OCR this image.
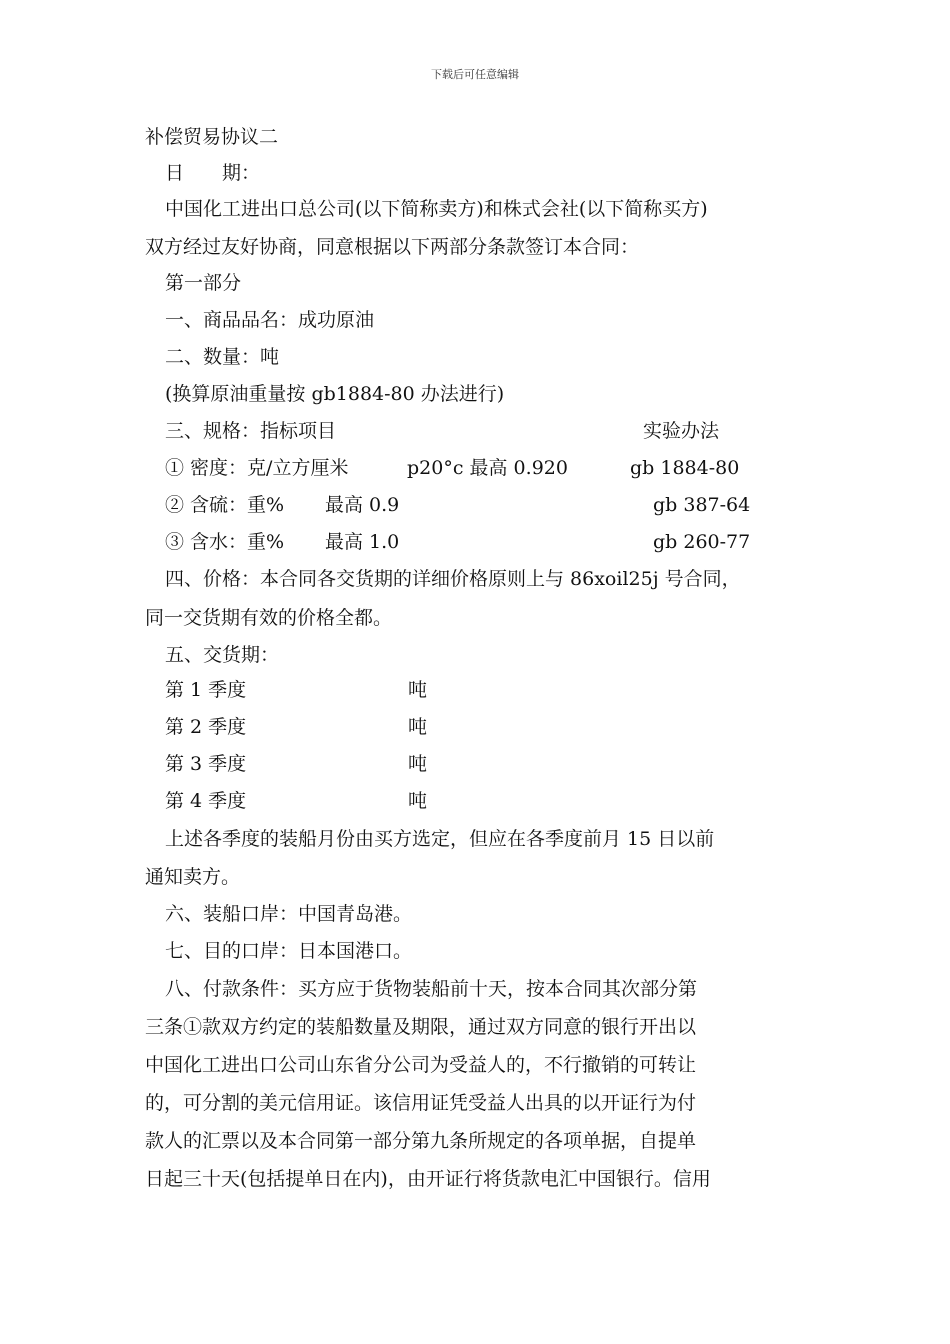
下载后可任意编辑
补偿贸易协议二
日　　期：
中国化工进出口总公司(以下简称卖方)和株式会社(以下简称买方)
双方经过友好协商，同意根据以下两部分条款签订本合同：
第一部分
一、商品品名：成功原油
二、数量：吨
(换算原油重量按 gb1884-80 办法进行)
三、规格：指标项目	实验办法
① 密度：克/立方厘米	p20°c 最高 0.920	gb 1884-80
② 含硫：重% 最高 0.9	gb 387-64
③ 含水：重% 最高 1.0	gb 260-77
四、价格：本合同各交货期的详细价格原则上与 86xoil25j 号合同，
同一交货期有效的价格全都。
五、交货期：
第 1 季度	吨
第 2 季度	吨
第 3 季度	吨
第 4 季度	吨
上述各季度的装船月份由买方选定，但应在各季度前月 15 日以前
通知卖方。
六、装船口岸：中国青岛港。
七、目的口岸：日本国港口。
八、付款条件：买方应于货物装船前十天，按本合同其次部分第
三条①款双方约定的装船数量及期限，通过双方同意的银行开出以
中国化工进出口公司山东省分公司为受益人的，不行撤销的可转让
的，可分割的美元信用证。该信用证凭受益人出具的以开证行为付
款人的汇票以及本合同第一部分第九条所规定的各项单据，自提单
日起三十天(包括提单日在内)，由开证行将货款电汇中国银行。信用
